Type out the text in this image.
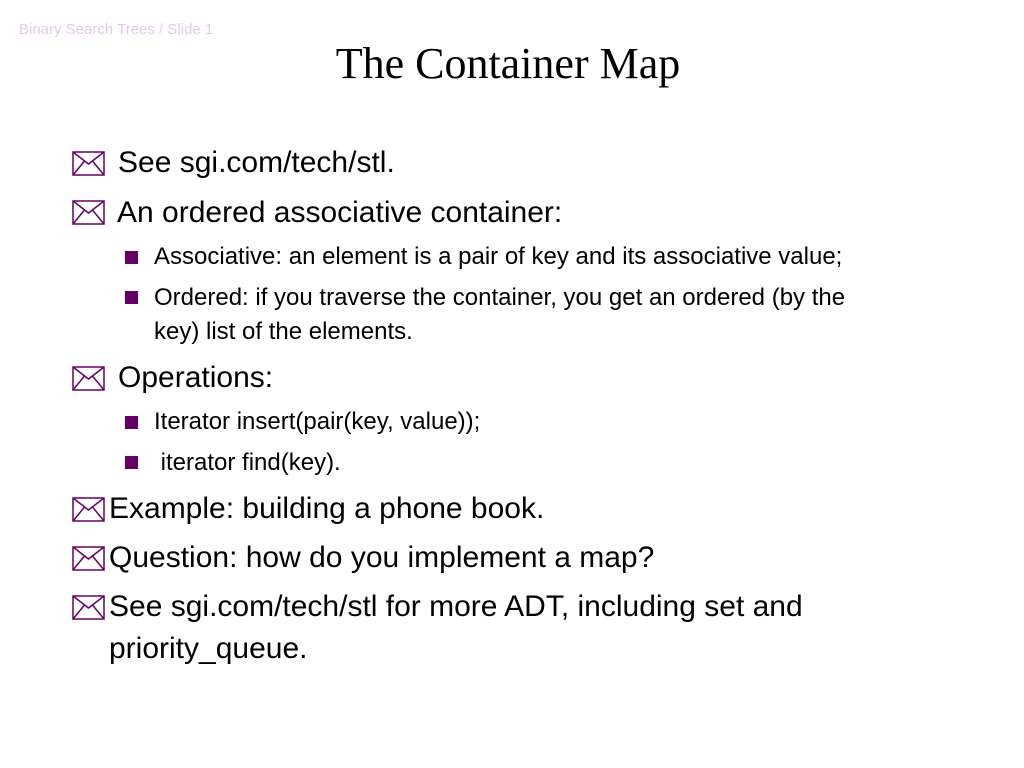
Binary Search Trees / Slide 1
The Container Map
See sgi.com/tech/stl.
An ordered associative container:
Associative: an element is a pair of key and its associative value;
Ordered: if you traverse the container, you get an ordered (by the
key) list of the elements.
Operations:
Iterator insert(pair(key, value));
iterator find(key).
Example: building a phone book.
Question: how do you implement a map?
See sgi.com/tech/stl for more ADT, including set and
priority_queue.
